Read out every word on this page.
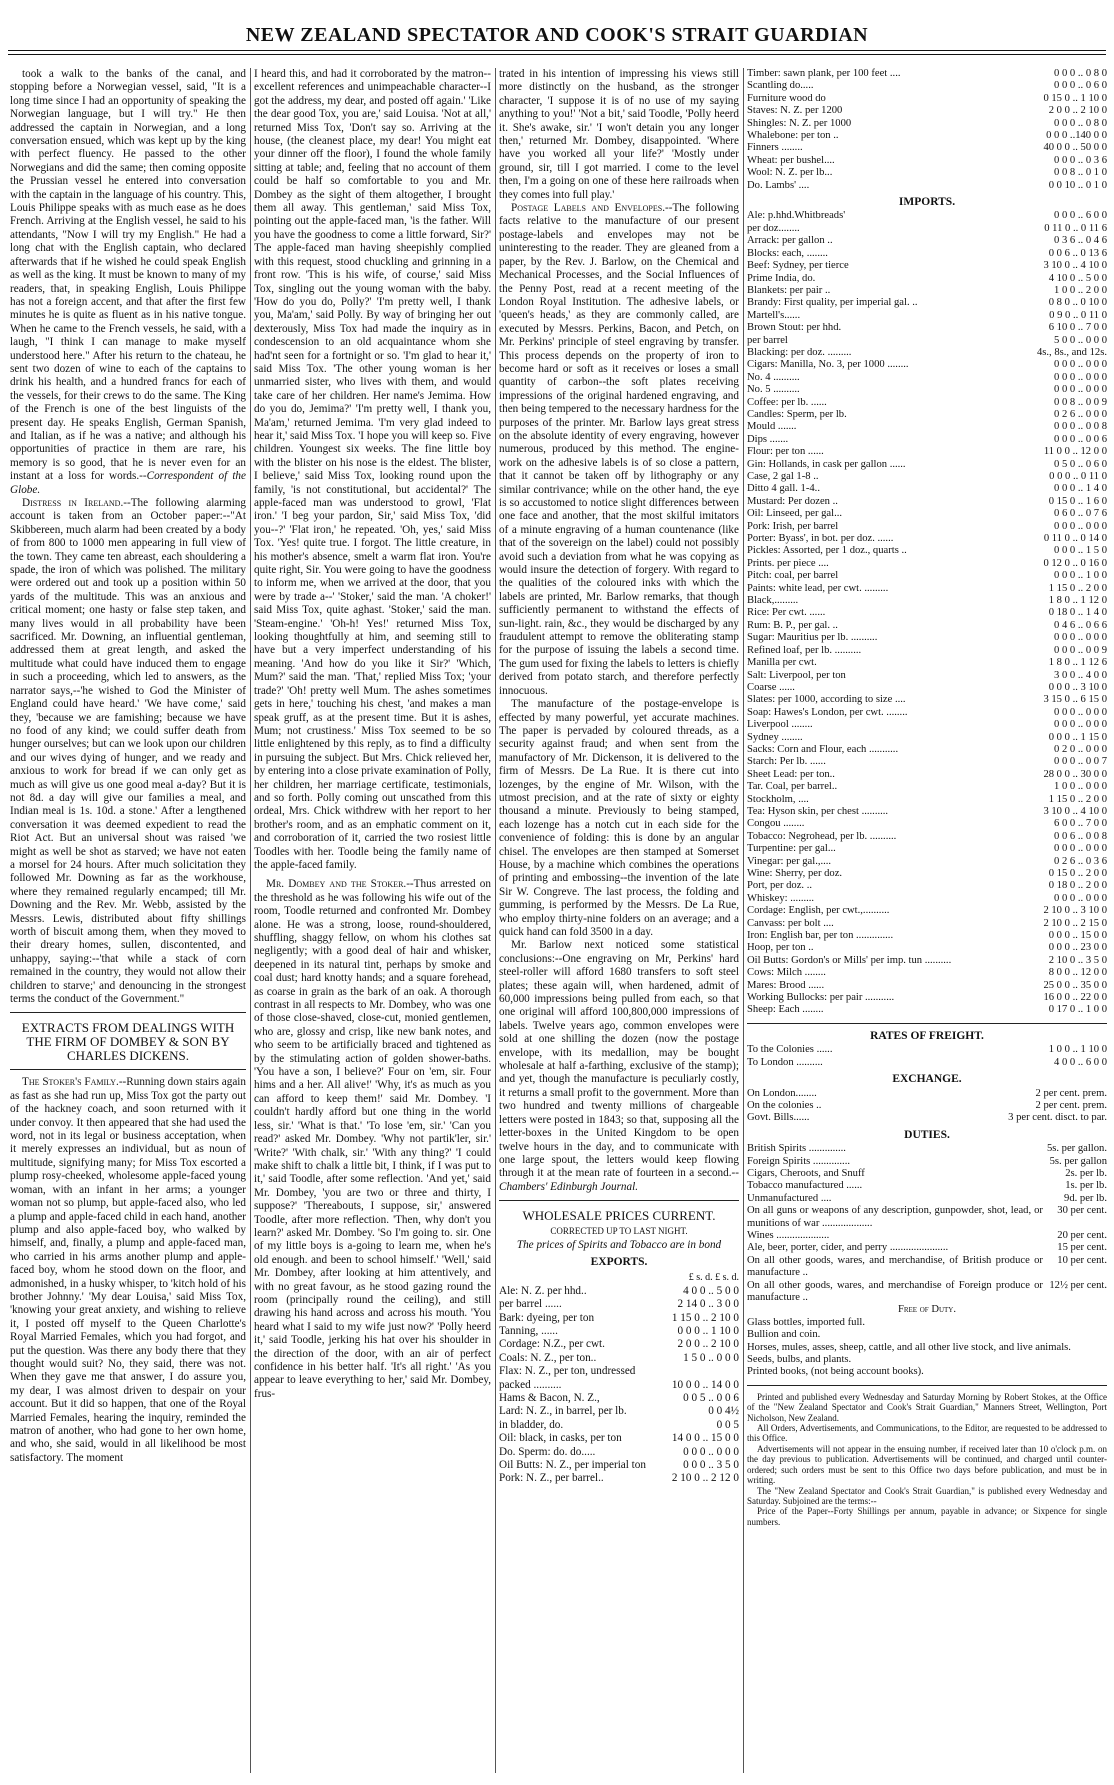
NEW ZEALAND SPECTATOR AND COOK'S STRAIT GUARDIAN

took a walk to the banks of the canal, and stopping before a Norwegian vessel, said, "It is a long time since I had an opportunity of speaking the Norwegian language, but I will try." He then addressed the captain in Norwegian, and a long conversation ensued, which was kept up by the king with perfect fluency. He passed to the other Norwegians and did the same; then coming opposite the Prussian vessel he entered into conversation with the captain in the language of his country. This, Louis Philippe speaks with as much ease as he does French. Arriving at the English vessel, he said to his attendants, "Now I will try my English." He had a long chat with the English captain, who declared afterwards that if he wished he could speak English as well as the king. It must be known to many of my readers, that, in speaking English, Louis Philippe has not a foreign accent, and that after the first few minutes he is quite as fluent as in his native tongue. When he came to the French vessels, he said, with a laugh, "I think I can manage to make myself understood here." After his return to the chateau, he sent two dozen of wine to each of the captains to drink his health, and a hundred francs for each of the vessels, for their crews to do the same. The King of the French is one of the best linguists of the present day. He speaks English, German Spanish, and Italian, as if he was a native; and although his opportunities of practice in them are rare, his memory is so good, that he is never even for an instant at a loss for words.--Correspondent of the Globe.

Distress in Ireland.--The following alarming account is taken from an October paper:--"At Skibbereen, much alarm had been created by a body of from 800 to 1000 men appearing in full view of the town. They came ten abreast, each shouldering a spade, the iron of which was polished. The military were ordered out and took up a position within 50 yards of the multitude. This was an anxious and critical moment; one hasty or false step taken, and many lives would in all probability have been sacrificed. Mr. Downing, an influential gentleman, addressed them at great length, and asked the multitude what could have induced them to engage in such a proceeding, which led to answers, as the narrator says,--'he wished to God the Minister of England could have heard.' 'We have come,' said they, 'because we are famishing; because we have no food of any kind; we could suffer death from hunger ourselves; but can we look upon our children and our wives dying of hunger, and we ready and anxious to work for bread if we can only get as much as will give us one good meal a-day? But it is not 8d. a day will give our families a meal, and Indian meal is 1s. 10d. a stone.' After a lengthened conversation it was deemed expedient to read the Riot Act. But an universal shout was raised 'we might as well be shot as starved; we have not eaten a morsel for 24 hours. After much solicitation they followed Mr. Downing as far as the workhouse, where they remained regularly encamped; till Mr. Downing and the Rev. Mr. Webb, assisted by the Messrs. Lewis, distributed about fifty shillings worth of biscuit among them, when they moved to their dreary homes, sullen, discontented, and unhappy, saying:--'that while a stack of corn remained in the country, they would not allow their children to starve;' and denouncing in the strongest terms the conduct of the Government."

EXTRACTS FROM DEALINGS WITH THE FIRM OF DOMBEY & SON BY CHARLES DICKENS.

The Stoker's Family.--Running down stairs again as fast as she had run up, Miss Tox got the party out of the hackney coach, and soon returned with it under convoy. It then appeared that she had used the word, not in its legal or business acceptation, when it merely expresses an individual, but as noun of multitude, signifying many; for Miss Tox escorted a plump rosy-cheeked, wholesome apple-faced young woman, with an infant in her arms; a younger woman not so plump, but apple-faced also, who led a plump and apple-faced child in each hand, another plump and also apple-faced boy, who walked by himself, and, finally, a plump and apple-faced man, who carried in his arms another plump and apple-faced boy, whom he stood down on the floor, and admonished, in a husky whisper, to 'kitch hold of his brother Johnny.' 'My dear Louisa,' said Miss Tox, 'knowing your great anxiety, and wishing to relieve it, I posted off myself to the Queen Charlotte's Royal Married Females, which you had forgot, and put the question. Was there any body there that they thought would suit? No, they said, there was not. When they gave me that answer, I do assure you, my dear, I was almost driven to despair on your account. But it did so happen, that one of the Royal Married Females, hearing the inquiry, reminded the matron of another, who had gone to her own home, and who, she said, would in all likelihood be most satisfactory. The moment

I heard this, and had it corroborated by the matron--excellent references and unimpeachable character--I got the address, my dear, and posted off again.' 'Like the dear good Tox, you are,' said Louisa. 'Not at all,' returned Miss Tox, 'Don't say so. Arriving at the house, (the cleanest place, my dear! You might eat your dinner off the floor), I found the whole family sitting at table; and, feeling that no account of them could be half so comfortable to you and Mr. Dombey as the sight of them altogether, I brought them all away. This gentleman,' said Miss Tox, pointing out the apple-faced man, 'is the father. Will you have the goodness to come a little forward, Sir?' The apple-faced man having sheepishly complied with this request, stood chuckling and grinning in a front row. 'This is his wife, of course,' said Miss Tox, singling out the young woman with the baby. 'How do you do, Polly?' 'I'm pretty well, I thank you, Ma'am,' said Polly. By way of bringing her out dexterously, Miss Tox had made the inquiry as in condescension to an old acquaintance whom she had'nt seen for a fortnight or so. 'I'm glad to hear it,' said Miss Tox. 'The other young woman is her unmarried sister, who lives with them, and would take care of her children. Her name's Jemima. How do you do, Jemima?' 'I'm pretty well, I thank you, Ma'am,' returned Jemima. 'I'm very glad indeed to hear it,' said Miss Tox. 'I hope you will keep so. Five children. Youngest six weeks. The fine little boy with the blister on his nose is the eldest. The blister, I believe,' said Miss Tox, looking round upon the family, 'is not constitutional, but accidental?' The apple-faced man was understood to growl, 'Flat iron.' 'I beg your pardon, Sir,' said Miss Tox, 'did you--?' 'Flat iron,' he repeated. 'Oh, yes,' said Miss Tox. 'Yes! quite true. I forgot. The little creature, in his mother's absence, smelt a warm flat iron. You're quite right, Sir. You were going to have the goodness to inform me, when we arrived at the door, that you were by trade a--' 'Stoker,' said the man. 'A choker!' said Miss Tox, quite aghast. 'Stoker,' said the man. 'Steam-engine.' 'Oh-h! Yes!' returned Miss Tox, looking thoughtfully at him, and seeming still to have but a very imperfect understanding of his meaning. 'And how do you like it Sir?' 'Which, Mum?' said the man. 'That,' replied Miss Tox; 'your trade?' 'Oh! pretty well Mum. The ashes sometimes gets in here,' touching his chest, 'and makes a man speak gruff, as at the present time. But it is ashes, Mum; not crustiness.' Miss Tox seemed to be so little enlightened by this reply, as to find a difficulty in pursuing the subject. But Mrs. Chick relieved her, by entering into a close private examination of Polly, her children, her marriage certificate, testimonials, and so forth. Polly coming out unscathed from this ordeal, Mrs. Chick withdrew with her report to her brother's room, and as an emphatic comment on it, and corroboration of it, carried the two rosiest little Toodles with her. Toodle being the family name of the apple-faced family.

Mr. Dombey and the Stoker.--Thus arrested on the threshold as he was following his wife out of the room, Toodle returned and confronted Mr. Dombey alone. He was a strong, loose, round-shouldered, shuffling, shaggy fellow, on whom his clothes sat negligently; with a good deal of hair and whisker, deepened in its natural tint, perhaps by smoke and coal dust; hard knotty hands; and a square forehead, as coarse in grain as the bark of an oak. A thorough contrast in all respects to Mr. Dombey, who was one of those close-shaved, close-cut, monied gentlemen, who are, glossy and crisp, like new bank notes, and who seem to be artificially braced and tightened as by the stimulating action of golden shower-baths. 'You have a son, I believe?' Four on 'em, sir. Four hims and a her. All alive!' 'Why, it's as much as you can afford to keep them!' said Mr. Dombey. 'I couldn't hardly afford but one thing in the world less, sir.' 'What is that.' 'To lose 'em, sir.' 'Can you read?' asked Mr. Dombey. 'Why not partik'ler, sir.' 'Write?' 'With chalk, sir.' 'With any thing?' 'I could make shift to chalk a little bit, I think, if I was put to it,' said Toodle, after some reflection. 'And yet,' said Mr. Dombey, 'you are two or three and thirty, I suppose?' 'Thereabouts, I suppose, sir,' answered Toodle, after more reflection. 'Then, why don't you learn?' asked Mr. Dombey. 'So I'm going to. sir. One of my little boys is a-going to learn me, when he's old enough. and been to school himself.' 'Well,' said Mr. Dombey, after looking at him attentively, and with no great favour, as he stood gazing round the room (principally round the ceiling), and still drawing his hand across and across his mouth. 'You heard what I said to my wife just now?' 'Polly heerd it,' said Toodle, jerking his hat over his shoulder in the direction of the door, with an air of perfect confidence in his better half. 'It's all right.' 'As you appear to leave everything to her,' said Mr. Dombey, frus-

trated in his intention of impressing his views still more distinctly on the husband, as the stronger character, 'I suppose it is of no use of my saying anything to you!' 'Not a bit,' said Toodle, 'Polly heerd it. She's awake, sir.' 'I won't detain you any longer then,' returned Mr. Dombey, disappointed. 'Where have you worked all your life?' 'Mostly under ground, sir, till I got married. I come to the level then, I'm a going on one of these here railroads when they comes into full play.'

Postage Labels and Envelopes.--The following facts relative to the manufacture of our present postage-labels and envelopes may not be uninteresting to the reader. They are gleaned from a paper, by the Rev. J. Barlow, on the Chemical and Mechanical Processes, and the Social Influences of the Penny Post, read at a recent meeting of the London Royal Institution. The adhesive labels, or 'queen's heads,' as they are commonly called, are executed by Messrs. Perkins, Bacon, and Petch, on Mr. Perkins' principle of steel engraving by transfer. This process depends on the property of iron to become hard or soft as it receives or loses a small quantity of carbon--the soft plates receiving impressions of the original hardened engraving, and then being tempered to the necessary hardness for the purposes of the printer. Mr. Barlow lays great stress on the absolute identity of every engraving, however numerous, produced by this method. The engine-work on the adhesive labels is of so close a pattern, that it cannot be taken off by lithography or any similar contrivance; while on the other hand, the eye is so accustomed to notice slight differences between one face and another, that the most skilful imitators of a minute engraving of a human countenance (like that of the sovereign on the label) could not possibly avoid such a deviation from what he was copying as would insure the detection of forgery. With regard to the qualities of the coloured inks with which the labels are printed, Mr. Barlow remarks, that though sufficiently permanent to withstand the effects of sun-light. rain, &c., they would be discharged by any fraudulent attempt to remove the obliterating stamp for the purpose of issuing the labels a second time. The gum used for fixing the labels to letters is chiefly derived from potato starch, and therefore perfectly innocuous.

The manufacture of the postage-envelope is effected by many powerful, yet accurate machines. The paper is pervaded by coloured threads, as a security against fraud; and when sent from the manufactory of Mr. Dickenson, it is delivered to the firm of Messrs. De La Rue. It is there cut into lozenges, by the engine of Mr. Wilson, with the utmost precision, and at the rate of sixty or eighty thousand a minute. Previously to being stamped, each lozenge has a notch cut in each side for the convenience of folding: this is done by an angular chisel. The envelopes are then stamped at Somerset House, by a machine which combines the operations of printing and embossing--the invention of the late Sir W. Congreve. The last process, the folding and gumming, is performed by the Messrs. De La Rue, who employ thirty-nine folders on an average; and a quick hand can fold 3500 in a day.

Mr. Barlow next noticed some statistical conclusions:--One engraving on Mr, Perkins' hard steel-roller will afford 1680 transfers to soft steel plates; these again will, when hardened, admit of 60,000 impressions being pulled from each, so that one original will afford 100,800,000 impressions of labels. Twelve years ago, common envelopes were sold at one shilling the dozen (now the postage envelope, with its medallion, may be bought wholesale at half a-farthing, exclusive of the stamp); and yet, though the manufacture is peculiarly costly, it returns a small profit to the government. More than two hundred and twenty millions of chargeable letters were posted in 1843; so that, supposing all the letter-boxes in the United Kingdom to be open twelve hours in the day, and to communicate with one large spout, the letters would keep flowing through it at the mean rate of fourteen in a second.--Chambers' Edinburgh Journal.

WHOLESALE PRICES CURRENT.
CORRECTED UP TO LAST NIGHT.
The prices of Spirits and Tobacco are in bond
EXPORTS.
£ s. d. £ s. d.
Ale: N. Z. per hhd..	4 0 0 .. 5 0 0
per barrel ......	2 14 0 .. 3 0 0
Bark: dyeing, per ton	1 15 0 .. 2 10 0
Tanning, ......	0 0 0 .. 1 10 0
Cordage: N.Z., per cwt.	2 0 0 .. 2 10 0
Coals: N. Z., per ton..	1 5 0 .. 0 0 0
Flax: N. Z., per ton, undressed	
packed ..........	10 0 0 .. 14 0 0
Hams & Bacon, N. Z.,	0 0 5 .. 0 0 6
Lard: N. Z., in barrel, per lb.	0 0 4½
in bladder, do.	0 0 5
Oil: black, in casks, per ton	14 0 0 .. 15 0 0
Do. Sperm: do. do.....	0 0 0 .. 0 0 0
Oil Butts: N. Z., per imperial ton	0 0 0 .. 3 5 0
Pork: N. Z., per barrel..	2 10 0 .. 2 12 0
Timber: sawn plank, per 100 feet ....	0 0 0 .. 0 8 0
Scantling do.....	0 0 0 .. 0 6 0
Furniture wood do	0 15 0 .. 1 10 0
Staves: N. Z. per 1200	2 0 0 .. 2 10 0
Shingles: N. Z. per 1000	0 0 0 .. 0 8 0
Whalebone: per ton ..	0 0 0 ..140 0 0
Finners ........	40 0 0 .. 50 0 0
Wheat: per bushel....	0 0 0 .. 0 3 6
Wool: N. Z. per lb...	0 0 8 .. 0 1 0
Do. Lambs' ....	0 0 10 .. 0 1 0
IMPORTS.
Ale: p.hhd.Whitbreads'	0 0 0 .. 6 0 0
per doz........	0 11 0 .. 0 11 6
Arrack: per gallon ..	0 3 6 .. 0 4 6
Blocks: each, ........	0 0 6 .. 0 13 6
Beef: Sydney, per tierce	3 10 0 .. 4 10 0
Prime India, do.	4 10 0 .. 5 0 0
Blankets: per pair ..	1 0 0 .. 2 0 0
Brandy: First quality, per imperial gal. ..	0 8 0 .. 0 10 0
Martell's......	0 9 0 .. 0 11 0
Brown Stout: per hhd.	6 10 0 .. 7 0 0
per barrel	5 0 0 .. 0 0 0
Blacking: per doz. .........	4s., 8s., and 12s.
Cigars: Manilla, No. 3, per 1000 ........	0 0 0 .. 0 0 0
No. 4 ..........	0 0 0 .. 0 0 0
No. 5 ..........	0 0 0 .. 0 0 0
Coffee: per lb. ......	0 0 8 .. 0 0 9
Candles: Sperm, per lb.	0 2 6 .. 0 0 0
Mould .......	0 0 0 .. 0 0 8
Dips .......	0 0 0 .. 0 0 6
Flour: per ton ......	11 0 0 .. 12 0 0
Gin: Hollands, in cask per gallon ......	0 5 0 .. 0 6 0
Case, 2 gal 1-8 ..	0 0 0 .. 0 11 0
Ditto 4 gall. 1-4..	0 0 0 .. 1 4 0
Mustard: Per dozen ..	0 15 0 .. 1 6 0
Oil: Linseed, per gal...	0 6 0 .. 0 7 6
Pork: Irish, per barrel	0 0 0 .. 0 0 0
Porter: Byass', in bot. per doz. ......	0 11 0 .. 0 14 0
Pickles: Assorted, per 1 doz., quarts ..	0 0 0 .. 1 5 0
Prints. per piece ....	0 12 0 .. 0 16 0
Pitch: coal, per barrel	0 0 0 .. 1 0 0
Paints: white lead, per cwt. .........	1 15 0 .. 2 0 0
Black,.........	1 8 0 .. 1 12 0
Rice: Per cwt. ......	0 18 0 .. 1 4 0
Rum: B. P., per gal. ..	0 4 6 .. 0 6 6
Sugar: Mauritius per lb. ..........	0 0 0 .. 0 0 0
Refined loaf, per lb. ..........	0 0 0 .. 0 0 9
Manilla per cwt.	1 8 0 .. 1 12 6
Salt: Liverpool, per ton	3 0 0 .. 4 0 0
Coarse ......	0 0 0 .. 3 10 0
Slates: per 1000, according to size ....	3 15 0 .. 6 15 0
Soap: Hawes's London, per cwt. ........	0 0 0 .. 0 0 0
Liverpool ........	0 0 0 .. 0 0 0
Sydney ........	0 0 0 .. 1 15 0
Sacks: Corn and Flour, each ...........	0 2 0 .. 0 0 0
Starch: Per lb. ......	0 0 0 .. 0 0 7
Sheet Lead: per ton..	28 0 0 .. 30 0 0
Tar. Coal, per barrel..	1 0 0 .. 0 0 0
Stockholm, ....	1 15 0 .. 2 0 0
Tea: Hyson skin, per chest ..........	3 10 0 .. 4 10 0
Congou ........	6 0 0 .. 7 0 0
Tobacco: Negrohead, per lb. ..........	0 0 6 .. 0 0 8
Turpentine: per gal...	0 0 0 .. 0 0 0
Vinegar: per gal.,....	0 2 6 .. 0 3 6
Wine: Sherry, per doz.	0 15 0 .. 2 0 0
Port, per doz. ..	0 18 0 .. 2 0 0
Whiskey: .........	0 0 0 .. 0 0 0
Cordage: English, per cwt.,..........	2 10 0 .. 3 10 0
Canvass: per bolt ....	2 10 0 .. 2 15 0
Iron: English bar, per ton ..............	0 0 0 .. 15 0 0
Hoop, per ton ..	0 0 0 .. 23 0 0
Oil Butts: Gordon's or Mills' per imp. tun ..........	2 10 0 .. 3 5 0
Cows: Milch ........	8 0 0 .. 12 0 0
Mares: Brood ......	25 0 0 .. 35 0 0
Working Bullocks: per pair ...........	16 0 0 .. 22 0 0
Sheep: Each ........	0 17 0 .. 1 0 0
RATES OF FREIGHT.
To the Colonies ......	1 0 0 .. 1 10 0
To London ..........	4 0 0 .. 6 0 0
EXCHANGE.
On London........	2 per cent. prem.
On the colonies ..	2 per cent. prem.
Govt. Bills......	3 per cent. disct. to par.
DUTIES.
British Spirits ..............	5s. per gallon.
Foreign Spirits ..............	5s. per gallon
Cigars, Cheroots, and Snuff	2s. per lb.
Tobacco manufactured ......	1s. per lb.
Unmanufactured ....	9d. per lb.
On all guns or weapons of any description, gunpowder, shot, lead, or munitions of war ...................	30 per cent.
Wines ....................	20 per cent.
Ale, beer, porter, cider, and perry ......................	15 per cent.
On all other goods, wares, and merchandise, of British produce or manufacture ..	10 per cent.
On all other goods, wares, and merchandise of Foreign produce or manufacture ..	12½ per cent.
Free of Duty.
Glass bottles, imported full.
Bullion and coin.
Horses, mules, asses, sheep, cattle, and all other live stock, and live animals.
Seeds, bulbs, and plants.
Printed books, (not being account books).

Printed and published every Wednesday and Saturday Morning by Robert Stokes, at the Office of the "New Zealand Spectator and Cook's Strait Guardian," Manners Street, Wellington, Port Nicholson, New Zealand.

All Orders, Advertisements, and Communications, to the Editor, are requested to be addressed to this Office.

Advertisements will not appear in the ensuing number, if received later than 10 o'clock p.m. on the day previous to publication. Advertisements will be continued, and charged until counter-ordered; such orders must be sent to this Office two days before publication, and must be in writing.

The "New Zealand Spectator and Cook's Strait Guardian," is published every Wednesday and Saturday. Subjoined are the terms:--

Price of the Paper--Forty Shillings per annum, payable in advance; or Sixpence for single numbers.
